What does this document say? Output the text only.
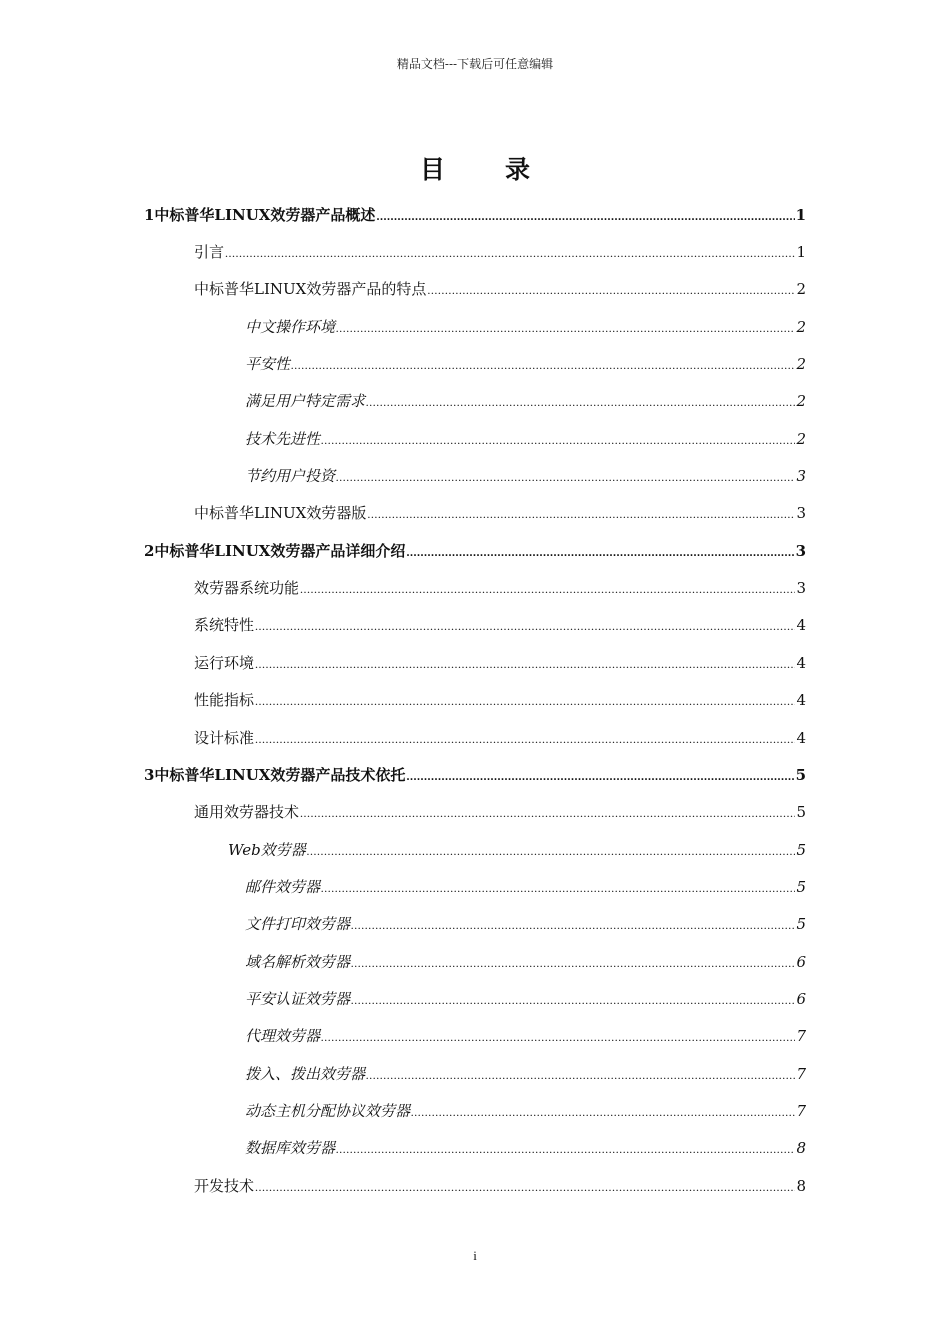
精品文档---下载后可任意编辑
目录
1中标普华LINUX效劳器产品概述 .....	1
引言 .....	1
中标普华LINUX效劳器产品的特点 .....	2
中文操作环境 .....	2
平安性 .....	2
满足用户特定需求 .....	2
技术先进性 .....	2
节约用户投资 .....	3
中标普华LINUX效劳器版 .....	3
2中标普华LINUX效劳器产品详细介绍 .....	3
效劳器系统功能 .....	3
系统特性 .....	4
运行环境 .....	4
性能指标 .....	4
设计标准 .....	4
3中标普华LINUX效劳器产品技术依托 .....	5
通用效劳器技术 .....	5
Web效劳器 .....	5
邮件效劳器 .....	5
文件打印效劳器 .....	5
域名解析效劳器 .....	6
平安认证效劳器 .....	6
代理效劳器 .....	7
拨入、拨出效劳器 .....	7
动态主机分配协议效劳器 .....	7
数据库效劳器 .....	8
开发技术 .....	8
i
